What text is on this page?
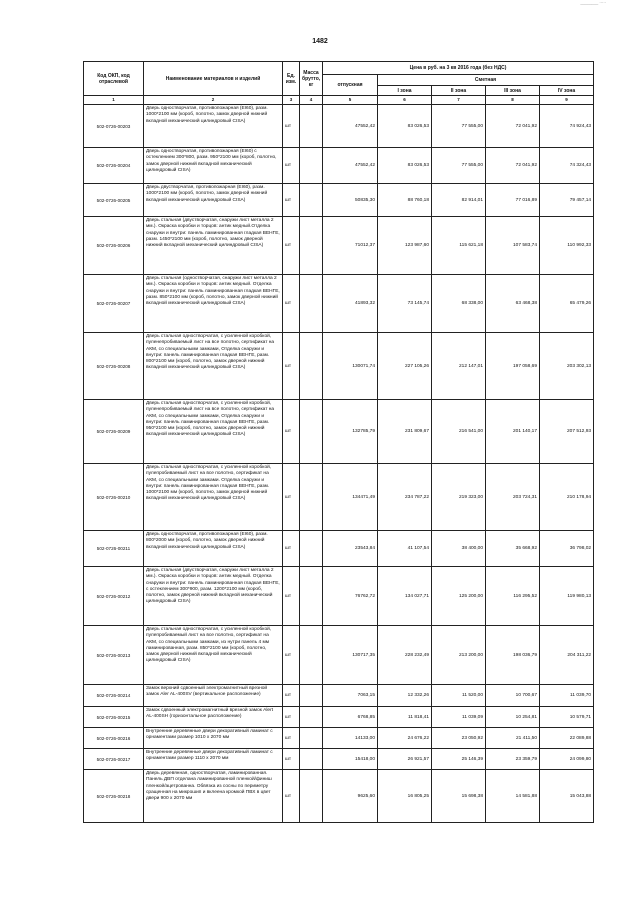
________ ·····
1482
Код ОКП, код отраслевой	Наименование материалов и изделий	Ед. изм.	Масса брутто, кг	Цена в руб. на 3 кв 2016 года (без НДС)				
				отпускная	Сметная			
					I зона	II зона	III зона	IV зона
1	2	3	4	5	6	7	8	9
502-0726-00203	Дверь одностворчатая, противопожарная (EI60), разм. 1000*2100 мм (короб, полотно, замок дверной нижний вкладной механический цилиндровый CISA)	шт		47552,42	83 026,53	77 555,00	72 041,92	74 924,43
502-0726-00204	Дверь одностворчатая, противопожарная (EI60) с остеклением 300*800, разм. 950*2100 мм (короб, полотно, замок дверной нижний вкладной механический цилиндровый CISA)	шт		47552,42	83 026,53	77 555,00	72 041,92	74 324,43
502-0726-00205	Дверь двустворчатая, противопожарная (EI60), разм. 1000*2100 мм (короб, полотно, замок дверной нижний вкладной механический цилиндровый CISA)	шт		50835,30	88 760,18	82 914,01	77 016,89	79 457,14
502-0726-00206	Дверь стальная (двустворчатая, снаружи лист металла 2 мм.). Окраска коробки и торцов: антик медный.Отделка снаружи и внутри: панель ламинированная гладкая ВЕНГЕ, разм. 1450*2100 мм (короб, полотно, замок дверной нижний вкладной механический цилиндровый CISA)	шт		71012,37	123 987,60	115 621,18	107 583,74	110 992,33
502-0726-00207	Дверь стальная (одностворчатая, снаружи лист металла 2 мм.). Окраска коробки и торцов: антик медный. Отделка снаружи и внутри: панель ламинированная гладкая ВЕНГЕ, разм. 850*2100 мм (короб, полотно, замок дверной нижний вкладной механический цилиндровый CISA)	шт		41893,32	73 145,74	68 338,00	63 468,38	65 479,26
502-0726-00208	Дверь стальная одностворчатая, с усиленной коробкой, пуленепробиваемый лист на все полотно, сертификат на АКМ, со специальными замками, Отделка снаружи и внутри: панель ламинированная гладкая ВЕНГЕ, разм. 800*2100 мм (короб, полотно, замок дверной нижний вкладной механический цилиндровый CISA)	шт		130071,74	227 105,26	212 147,01	197 058,69	203 302,13
502-0726-00209	Дверь стальная одностворчатая, с усиленной коробкой, пуленепробиваемый лист на все полотно, сертификат на АКМ, со специальными замками, Отделка снаружи и внутри: панель ламинированная гладкая ВЕНГЕ, разм. 950*2100 мм (короб, полотно, замок дверной нижний вкладной механический цилиндровый CISA)	шт		132785,79	231 809,67	216 541,00	201 140,17	207 512,93
502-0726-00210	Дверь стальная одностворчатая, с усиленной коробкой, пулепробиваемый лист на все полотно, сертификат на АКМ, со специальными замками. Отделка снаружи и внутри: панель ламинированная гладкая ВЕНГЕ, разм. 1000*2100 мм (короб, полотно, замок дверной нижний вкладной механический цилиндровый CISA)	шт		134471,49	234 787,22	219 323,00	203 724,31	210 178,94
502-0726-00211	Дверь одностворчатая, противопожарная (EI60), разм. 800*2000 мм (короб, полотно, замок дверной нижний вкладной механический цилиндровый CISA)	шт		23543,84	41 107,54	38 400,00	35 668,92	36 798,02
502-0726-00212	Дверь стальная (двустворчатая, снаружи лист металла 2 мм.). Окраска коробки и торцов: антик медный. Отделка снаружи и внутри: панель ламинированная гладкая ВЕНГЕ, с остеклением 300*900, разм. 1200*2100 мм (короб, полотно, замок дверной нижний вкладной механический цилиндровый CISA)	шт		76762,72	134 027,71	125 200,00	116 295,52	119 980,13
502-0726-00213	Дверь стальная одностворчатая, с усиленной коробкой, пулепробиваемый лист на все полотно, сертификат на АКМ, со специальными замками, из нутри панель 4 мм ламинированная, разм. 850*2100 мм (короб, полотно, замок дверной нижний вкладной механический цилиндровый CISA)	шт		130717,35	228 232,49	213 200,00	198 036,79	204 311,22
502-0726-00214	Замок верхний сдвоенный электромагнитный врезной замок Aler AL-400SV (вертикальное расположение)	шт		7063,15	12 332,26	11 520,00	10 700,67	11 039,70
502-0726-00215	Замок сдвоенный электромагнитный врезной замок Alert AL-400SH (горизонтальное расположение)	шт		6768,85	11 818,41	11 039,09	10 254,81	10 579,71
502-0726-00216	Внутренние деревянные двери декоративный ламинат с орнаментами размер 1010 х 2070 мм	шт		14133,00	24 676,22	23 050,92	21 411,50	22 089,88
502-0726-00217	Внутренние деревянные двери декоративный ламинат с орнаментами размер 1110 х 2070 мм	шт		15418,00	26 921,57	25 146,39	23 359,79	24 099,80
502-0726-00218	Дверь деревянная, одностворчатая, ламинированная. Панель ДВП отделана ламинированной пленкой/финиш пленкой/ацетрованна. Обвязка из сосны по периметру сращенная на микрошип и вклеена кромкой ПВХ в цвет двери 900 х 2070 мм	шт		9625,60	16 805,25	15 698,38	14 581,88	15 043,88
